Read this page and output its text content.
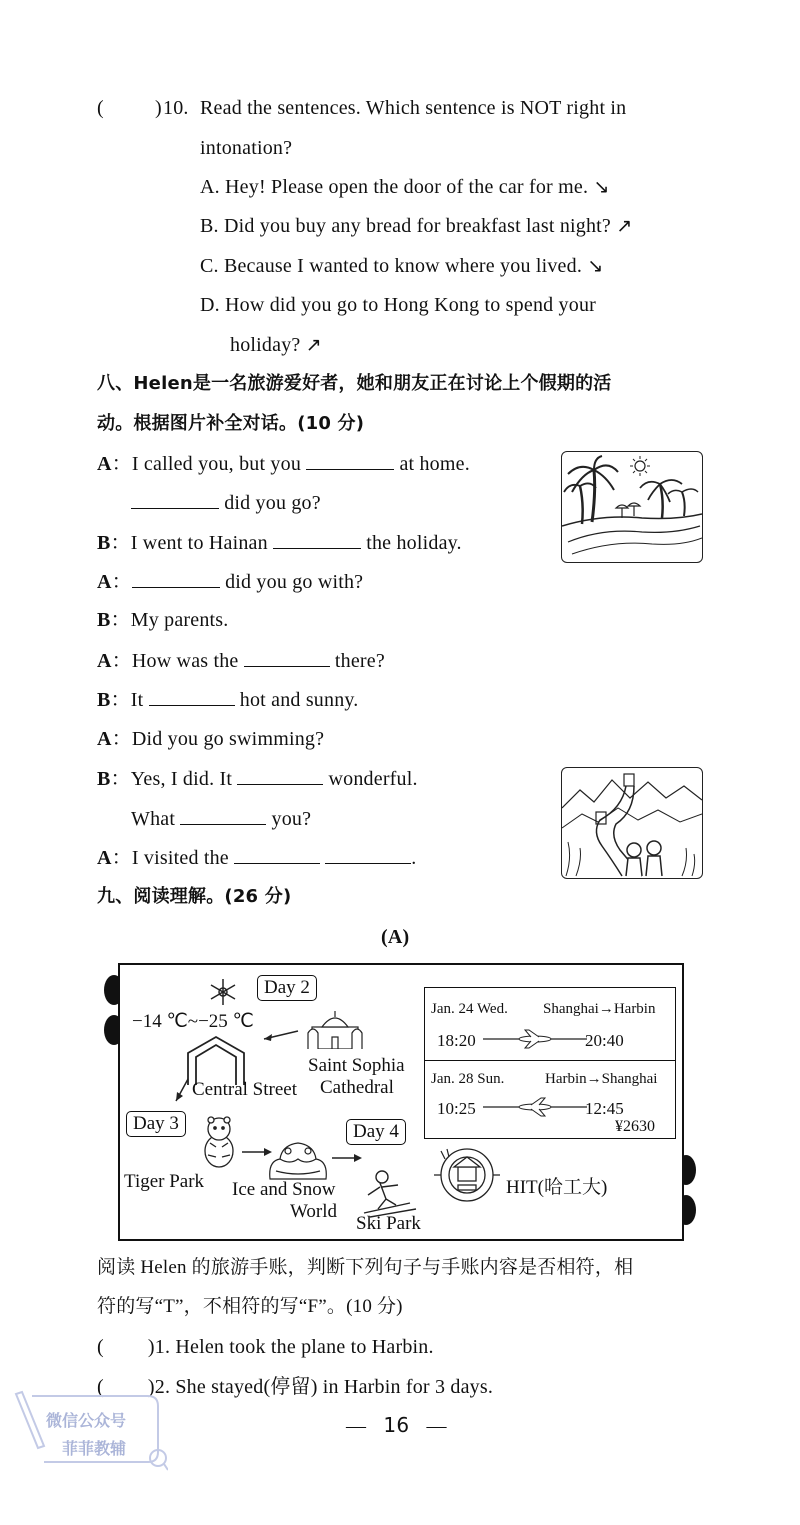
(	) 10. Read the sentences. Which sentence is NOT right in
intonation?
A. Hey! Please open the door of the car for me. ↘
B. Did you buy any bread for breakfast last night? ↗
C. Because I wanted to know where you lived. ↘
D. How did you go to Hong Kong to spend your
holiday? ↗
八、Helen是一名旅游爱好者，她和朋友正在讨论上个假期的活
动。根据图片补全对话。(10 分)
A：I called you, but you	at home.
did you go?
B：I went to Hainan	the holiday.
A：	did you go with?
B：My parents.
A：How was the	there?
B：It	hot and sunny.
A：Did you go swimming?
B：Yes, I did. It	wonderful.
What	you?
A：I visited the	.
九、阅读理解。(26 分)
(A)
Day 2
−14 ℃~−25 ℃
Saint Sophia
Cathedral
Central Street
Day 3
Tiger Park Ice and Snow
World
Day 4
Ski Park
HIT(哈工大)
Jan. 24 Wed. Shanghai→Harbin
18:20	20:40
Jan. 28 Sun.	Harbin→Shanghai
10:25	12:45
¥2630
阅读 Helen 的旅游手账，判断下列句子与手账内容是否相符，相
符的写“T”，不相符的写“F”。(10 分)
( )1. Helen took the plane to Harbin.
( )2. She stayed(停留) in Harbin for 3 days.
— 16 —
微信公众号
菲菲教辅
